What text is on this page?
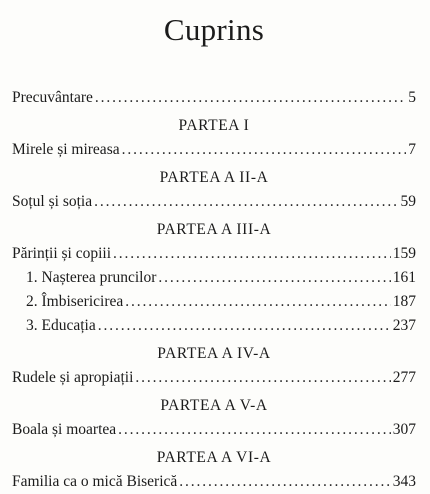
Cuprins
Precuvântare . . .	5
PARTEA I
Mirele și mireasa . . .	7
PARTEA A II-A
Soțul și soția . . .	59
PARTEA A III-A
Părinții și copiii . . .	159
1. Nașterea pruncilor . . .	161
2. Îmbisericirea . . .	187
3. Educația . . .	237
PARTEA A IV-A
Rudele și apropiații . . .	277
PARTEA A V-A
Boala și moartea . . .	307
PARTEA A VI-A
Familia ca o mică Biserică . . .	343
